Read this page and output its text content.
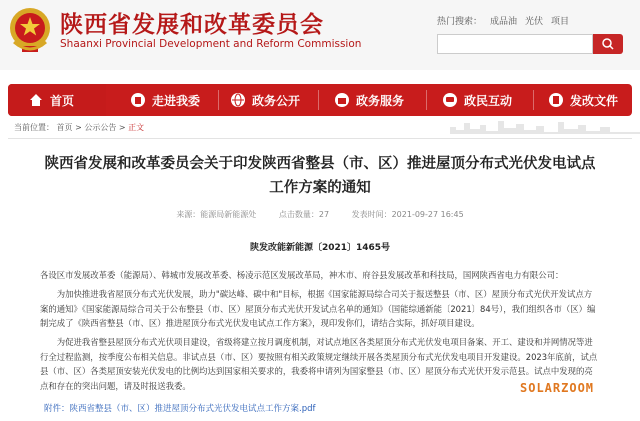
陕西省发展和改革委员会
Shaanxi Provincial Development and Reform Commission
热门搜索： 成品油 光伏 项目
首页	走进我委	政务公开	政务服务	政民互动	发改文件
当前位置： 首页 > 公示公告 > 正文
陕西省发展和改革委员会关于印发陕西省整县（市、区）推进屋顶分布式光伏发电试点工作方案的通知
来源：能源局新能源处	点击数量：27	发表时间：2021-09-27 16:45
陕发改能新能源〔2021〕1465号
各设区市发展改革委（能源局）、韩城市发展改革委、杨凌示范区发展改革局，神木市、府谷县发展改革和科技局，国网陕西省电力有限公司：
为加快推进我省屋顶分布式光伏发展，助力"碳达峰、碳中和"目标，根据《国家能源局综合司关于报送整县（市、区）屋顶分布式光伏开发试点方案的通知》《国家能源局综合司关于公布整县（市、区）屋顶分布式光伏开发试点名单的通知》（国能综通新能〔2021〕84号），我们组织各市（区）编制完成了《陕西省整县（市、区）推进屋顶分布式光伏发电试点工作方案》，现印发你们，请结合实际，抓好项目建设。
为促进我省整县屋顶分布式光伏项目建设，省级将建立按月调度机制，对试点地区各类屋顶分布式光伏发电项目备案、开工、建设和并网情况等进行全过程监测，按季度公布相关信息。非试点县（市、区）要按照有相关政策规定继续开展各类屋顶分布式光伏发电项目开发建设。2023年底前，试点县（市、区）各类屋顶安装光伏发电的比例均达到国家相关要求的，我委将申请列为国家整县（市、区）屋顶分布式光伏开发示范县。试点中发现的亮点和存在的突出问题，请及时报送我委。
附件：陕西省整县（市、区）推进屋顶分布式光伏发电试点工作方案.pdf
SOLARZOOM
